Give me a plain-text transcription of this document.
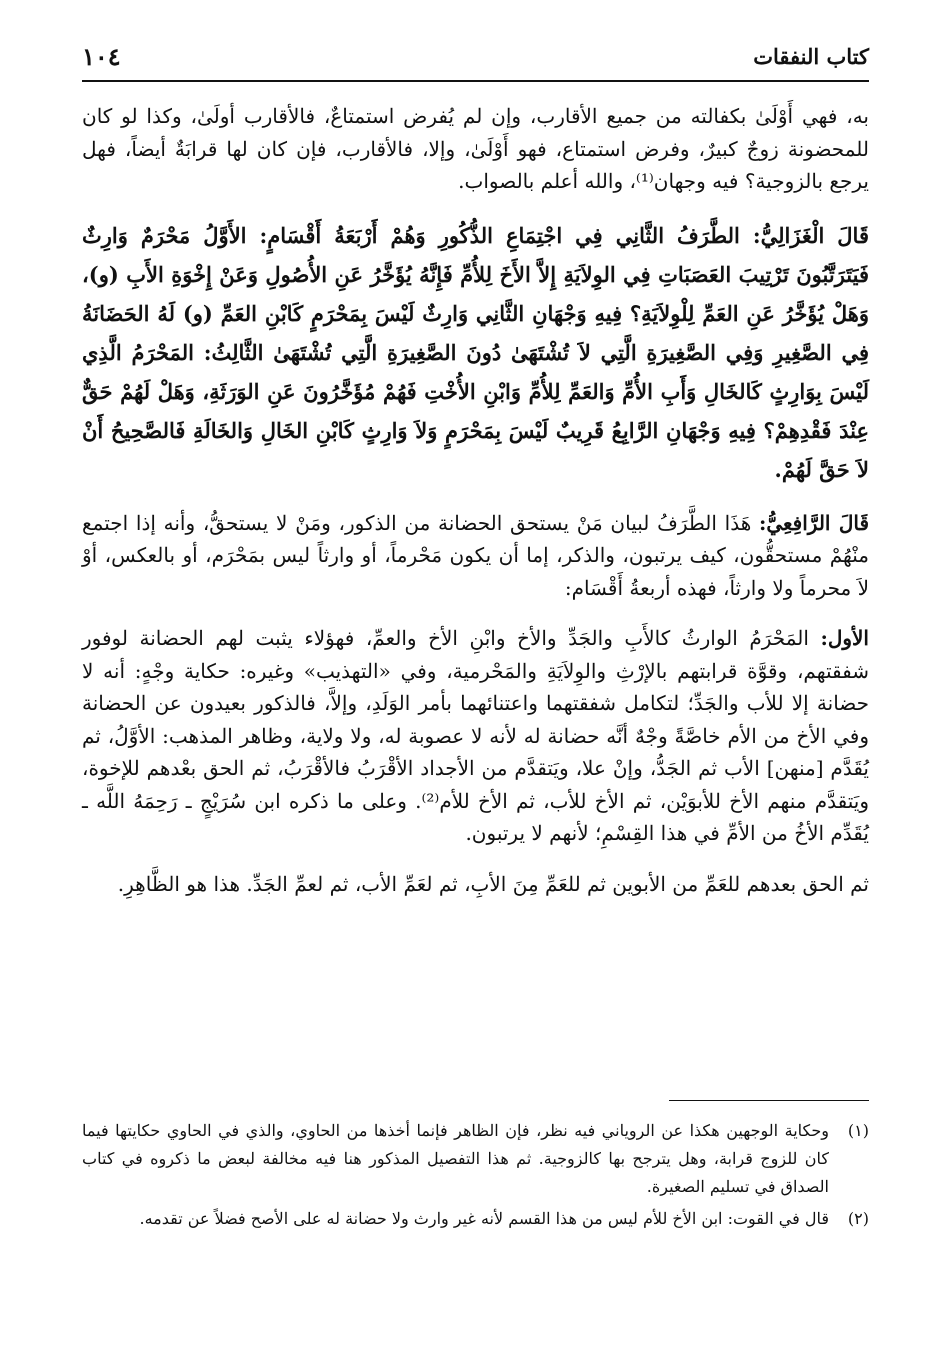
كتاب النفقات
١٠٤

به، فهي أَوْلَىٰ بكفالته من جميع الأقارب، وإن لم يُفرض استمتاعٌ، فالأقارب أولَىٰ، وكذا لو كان للمحضونة زوجٌ كبيرٌ، وفرض استمتاع، فهو أَوْلَىٰ، وإلا، فالأقارب، فإن كان لها قرابَةٌ أيضاً، فهل يرجع بالزوجية؟ فيه وجهان⁽¹⁾، والله أعلم بالصواب.

قَالَ الْغَزَالِيُّ: الطَّرَفُ الثَّانِي فِي اجْتِمَاعِ الذُّكُورِ وَهُمْ أَرْبَعَةُ أَقْسَامٍ: الأَوَّلُ مَحْرَمٌ وَارِثٌ فَيَتَرَتَّبُونَ تَرْتِيبَ العَصَبَاتِ فِي الوِلاَيَةِ إِلاَّ الأَخَ لِلأُمِّ فَإِنَّهُ يُؤَخَّرُ عَنِ الأُصُولِ وَعَنْ إِخْوَةِ الأَبِ (و)، وَهَلْ يُؤَخَّرُ عَنِ العَمِّ لِلْوِلاَيَةِ؟ فِيهِ وَجْهَانِ الثَّانِي وَارِثٌ لَيْسَ بِمَحْرَمٍ كَابْنِ العَمِّ (و) لَهُ الحَضَانَةُ فِي الصَّغِيرِ وَفِي الصَّغِيرَةِ الَّتِي لاَ تُشْتَهَىٰ دُونَ الصَّغِيرَةِ الَّتِي تُشْتَهَىٰ الثَّالِثُ: المَحْرَمُ الَّذِي لَيْسَ بِوَارِثٍ كَالخَالِ وَأَبِ الأُمِّ وَالعَمِّ لِلأُمِّ وَابْنِ الأُخْتِ فَهُمْ مُؤَخَّرُونَ عَنِ الوَرَثَةِ، وَهَلْ لَهُمْ حَقٌّ عِنْدَ فَقْدِهِمْ؟ فِيهِ وَجْهَانِ الرَّابِعُ قَرِيبٌ لَيْسَ بِمَحْرَمٍ وَلاَ وَارِثٍ كَابْنِ الخَالِ وَالخَالَةِ فَالصَّحِيحُ أَنْ لاَ حَقَّ لَهُمْ.

قَالَ الرَّافِعِيُّ: هَذَا الطَّرَفُ لبيان مَنْ يستحق الحضانة من الذكور، ومَنْ لا يستحقُّ، وأنه إذا اجتمع منْهُمْ مستحقُّون، كيف يرتبون، والذكر، إما أن يكون مَحْرماً، أو وارثاً ليس بمَحْرَم، أو بالعكس، أوْ لاَ محرماً ولا وارثاً، فهذه أربعةُ أَقْسَام:

الأول: المَحْرَمُ الوارثُ كالأَبِ والجَدِّ والأخ وابْنِ الأخ والعمِّ، فهؤلاء يثبت لهم الحضانة لوفور شفقتهم، وقوَّة قرابتهم بالإرْثِ والوِلاَيَةِ والمَحْرمية، وفي «التهذيب» وغيره: حكاية وجْهٍ: أنه لا حضانة إلا للأب والجَدِّ؛ لتكامل شفقتهما واعتنائهما بأمر الوَلَدِ، وإلاَّ، فالذكور بعيدون عن الحضانة وفي الأخ من الأم خاصَّةً وجْهٌ أنَّه حضانة له لأنه لا عصوبة له، ولا ولاية، وظاهر المذهب: الأوَّلُ، ثم يُقَدَّم [منهن] الأب ثم الجَدُّ، وإنْ علا، ويَتقدَّم من الأجداد الأقْرَبُ فالأقْرَبُ، ثم الحق بعْدهم للإخوة، ويَتقدَّم منهم الأخ للأبوَيْن، ثم الأخ للأب، ثم الأخ للأم⁽²⁾. وعلى ما ذكره ابن سُرَيْجٍ ـ رَحِمَهُ اللَّه ـ يُقَدِّم الأخُ من الأمِّ في هذا القِسْمِ؛ لأنهم لا يرتبون.

ثم الحق بعدهم للعَمِّ من الأبوين ثم للعَمِّ مِنَ الأبِ، ثم لعَمِّ الأب، ثم لعمِّ الجَدِّ. هذا هو الظَّاهِرِ.

(١)
وحكاية الوجهين هكذا عن الروياني فيه نظر، فإن الظاهر فإنما أخذها من الحاوي، والذي في الحاوي حكايتها فيما كان للزوج قرابة، وهل يترجح بها كالزوجية. ثم هذا التفصيل المذكور هنا فيه مخالفة لبعض ما ذكروه في كتاب الصداق في تسليم الصغيرة.
(٢)
قال في القوت: ابن الأخ للأم ليس من هذا القسم لأنه غير وارث ولا حضانة له على الأصح فضلاً عن تقدمه.
